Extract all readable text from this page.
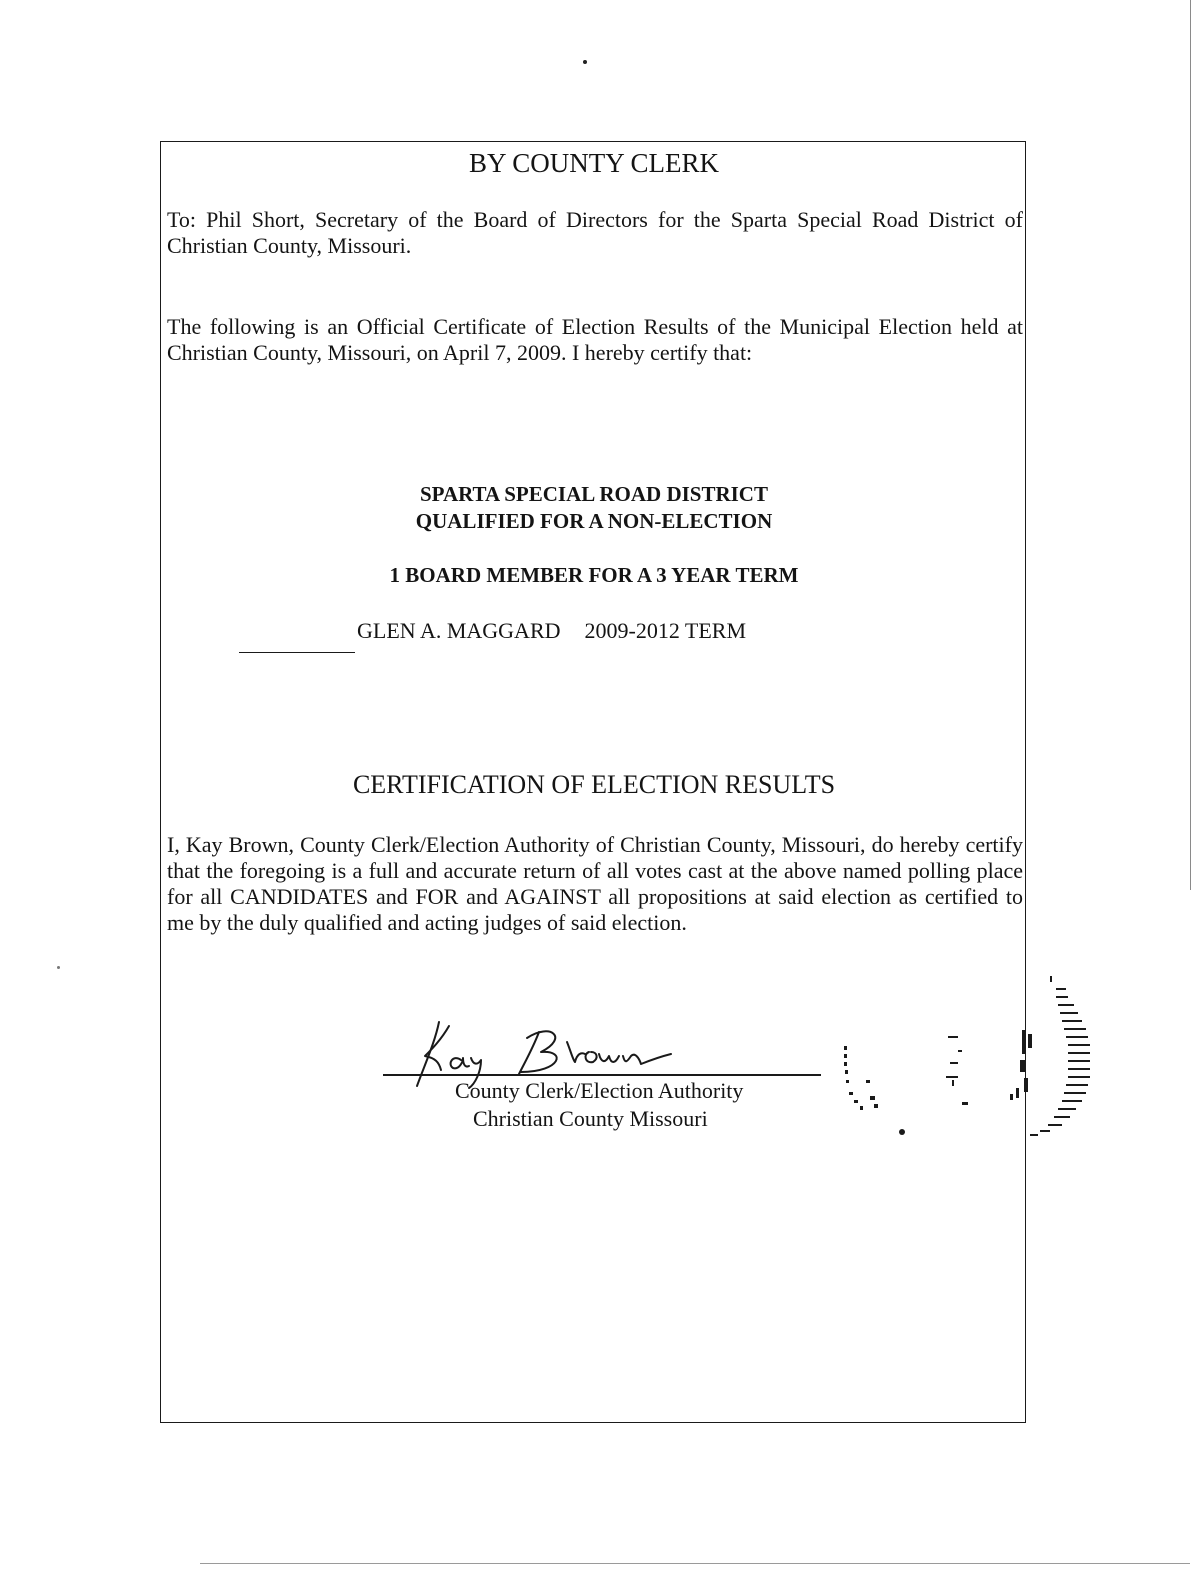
BY COUNTY CLERK
To: Phil Short, Secretary of the Board of Directors for the Sparta Special Road District of Christian County, Missouri.
The following is an Official Certificate of Election Results of the Municipal Election held at Christian County, Missouri, on April 7, 2009. I hereby certify that:
SPARTA SPECIAL ROAD DISTRICT
QUALIFIED FOR A NON-ELECTION
1 BOARD MEMBER FOR A 3 YEAR TERM
GLEN A. MAGGARD 2009-2012 TERM
CERTIFICATION OF ELECTION RESULTS
I, Kay Brown, County Clerk/Election Authority of Christian County, Missouri, do hereby certify that the foregoing is a full and accurate return of all votes cast at the above named polling place for all CANDIDATES and FOR and AGAINST all propositions at said election as certified to me by the duly qualified and acting judges of said election.
County Clerk/Election Authority
Christian County Missouri
